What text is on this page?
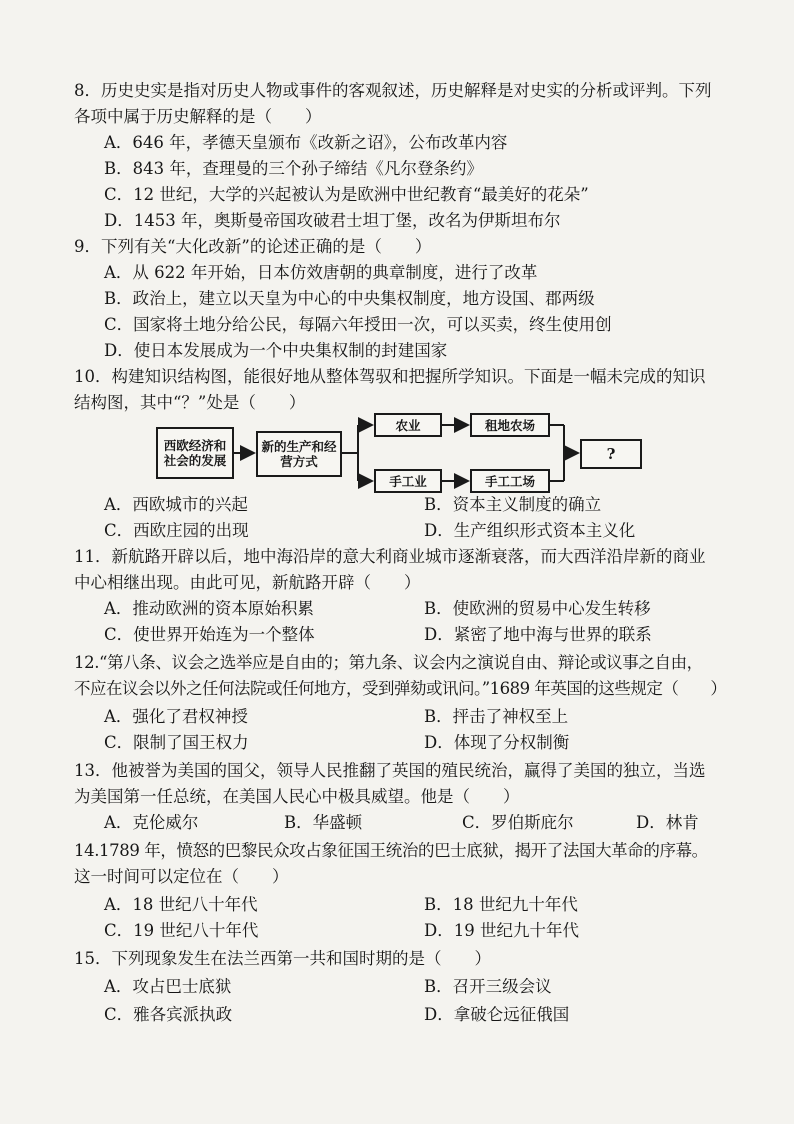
8．历史史实是指对历史人物或事件的客观叙述，历史解释是对史实的分析或评判。下列
各项中属于历史解释的是（　　）
A．646 年，孝德天皇颁布《改新之诏》，公布改革内容
B．843 年，查理曼的三个孙子缔结《凡尔登条约》
C．12 世纪，大学的兴起被认为是欧洲中世纪教育“最美好的花朵”
D．1453 年，奥斯曼帝国攻破君士坦丁堡，改名为伊斯坦布尔
9．下列有关“大化改新”的论述正确的是（　　）
A．从 622 年开始，日本仿效唐朝的典章制度，进行了改革
B．政治上，建立以天皇为中心的中央集权制度，地方设国、郡两级
C．国家将土地分给公民，每隔六年授田一次，可以买卖，终生使用创
D．使日本发展成为一个中央集权制的封建国家
10．构建知识结构图，能很好地从整体驾驭和把握所学知识。下面是一幅未完成的知识
结构图，其中“？”处是（　　）
西欧经济和社会的发展
新的生产和经营方式
农业	租地农场
手工业	手工工场
?
A．西欧城市的兴起	B．资本主义制度的确立
C．西欧庄园的出现	D．生产组织形式资本主义化
11．新航路开辟以后，地中海沿岸的意大利商业城市逐渐衰落，而大西洋沿岸新的商业
中心相继出现。由此可见，新航路开辟（　　）
A．推动欧洲的资本原始积累	B．使欧洲的贸易中心发生转移
C．使世界开始连为一个整体	D．紧密了地中海与世界的联系
12.“第八条、议会之选举应是自由的；第九条、议会内之演说自由、辩论或议事之自由，
不应在议会以外之任何法院或任何地方，受到弹劾或讯问。”1689 年英国的这些规定（　　）
A．强化了君权神授	B．抨击了神权至上
C．限制了国王权力	D．体现了分权制衡
13．他被誉为美国的国父，领导人民推翻了英国的殖民统治，赢得了美国的独立，当选
为美国第一任总统，在美国人民心中极具威望。他是（　　）
A．克伦威尔	B．华盛顿	C．罗伯斯庇尔	D．林肯
14.1789 年，愤怒的巴黎民众攻占象征国王统治的巴士底狱，揭开了法国大革命的序幕。
这一时间可以定位在（　　）
A．18 世纪八十年代	B．18 世纪九十年代
C．19 世纪八十年代	D．19 世纪九十年代
15．下列现象发生在法兰西第一共和国时期的是（　　）
A．攻占巴士底狱	B．召开三级会议
C．雅各宾派执政	D．拿破仑远征俄国
